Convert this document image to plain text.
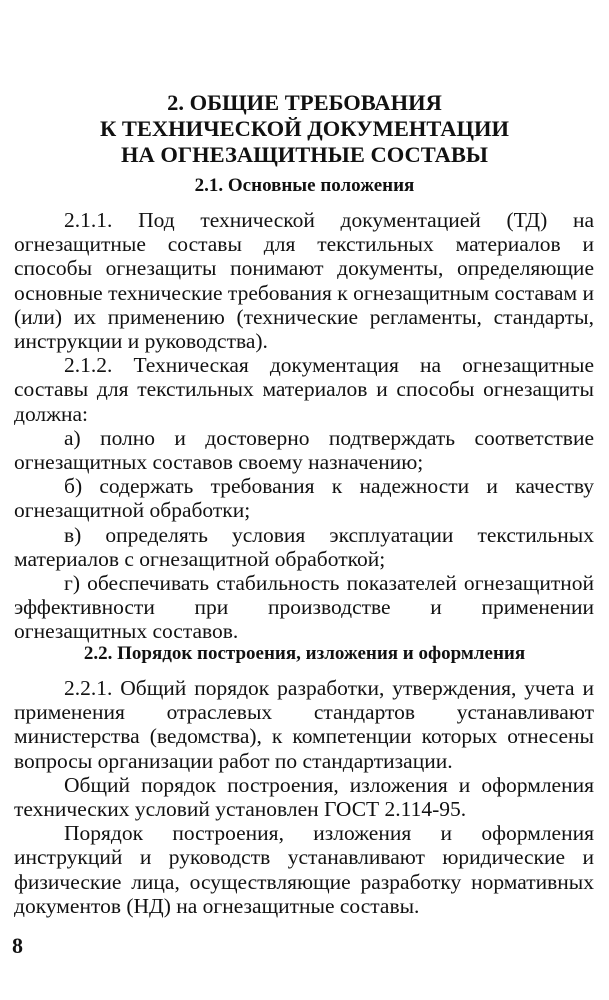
2. ОБЩИЕ ТРЕБОВАНИЯ
К ТЕХНИЧЕСКОЙ ДОКУМЕНТАЦИИ
НА ОГНЕЗАЩИТНЫЕ СОСТАВЫ
2.1. Основные положения

2.1.1. Под технической документацией (ТД) на огнезащитные составы для текстильных материалов и способы огнезащиты понимают документы, определяющие основные технические требования к огнезащитным составам и (или) их применению (технические регламенты, стандарты, инструкции и руководства).

2.1.2. Техническая документация на огнезащитные составы для текстильных материалов и способы огнезащиты должна:

а) полно и достоверно подтверждать соответствие огнезащитных составов своему назначению;

б) содержать требования к надежности и качеству огнезащитной обработки;

в) определять условия эксплуатации текстильных материалов с огнезащитной обработкой;

г) обеспечивать стабильность показателей огнезащитной эффективности при производстве и применении огнезащитных составов.

2.2. Порядок построения, изложения и оформления

2.2.1. Общий порядок разработки, утверждения, учета и применения отраслевых стандартов устанавливают министерства (ведомства), к компетенции которых отнесены вопросы организации работ по стандартизации.

Общий порядок построения, изложения и оформления технических условий установлен ГОСТ 2.114-95.

Порядок построения, изложения и оформления инструкций и руководств устанавливают юридические и физические лица, осуществляющие разработку нормативных документов (НД) на огнезащитные составы.

8
